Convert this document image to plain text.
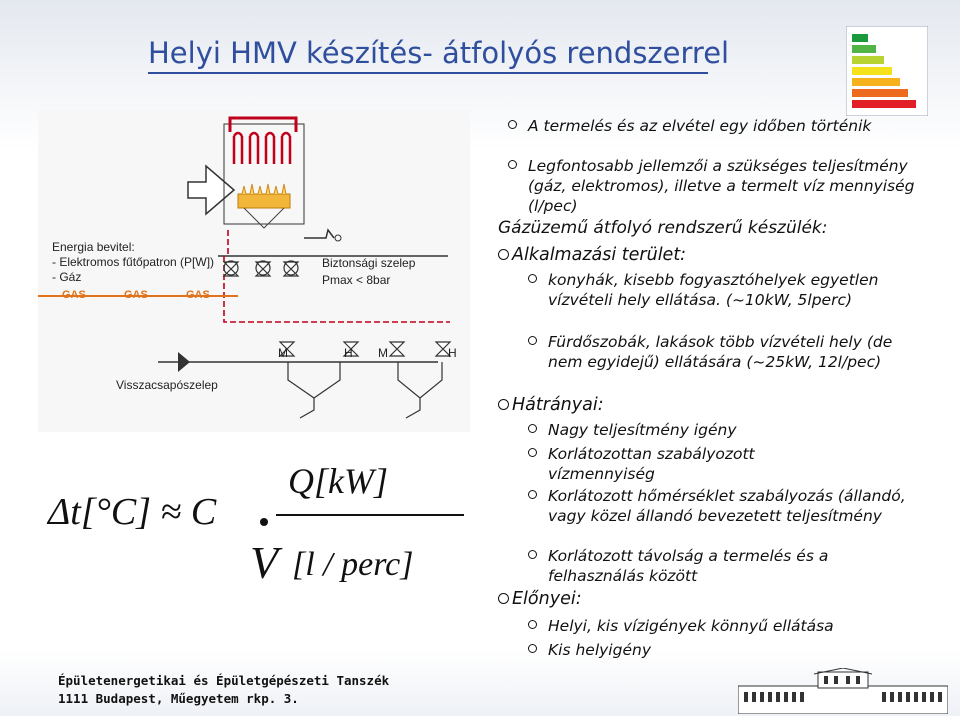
Helyi HMV készítés- átfolyós rendszerrel
Energia bevitel:
- Elektromos fűtőpatron (P[W])
- Gáz
GAS	GAS	GAS
Biztonsági szelep
Pmax < 8bar
Visszacsapószelep
M	H M	H
Δt[°C] ≈ C
Q[kW]
V [l / perc]
A termelés és az elvétel egy időben történik
Legfontosabb jellemzői a szükséges teljesítmény (gáz, elektromos), illetve a termelt víz mennyiség (l/pec)
Gázüzemű átfolyó rendszerű készülék:
Alkalmazási terület:
konyhák, kisebb fogyasztóhelyek egyetlen vízvételi hely ellátása. (~10kW, 5lperc)
Fürdőszobák, lakások több vízvételi hely (de nem egyidejű) ellátására (~25kW, 12l/pec)
Hátrányai:
Nagy teljesítmény igény
Korlátozottan szabályozott vízmennyiség
Korlátozott hőmérséklet szabályozás (állandó, vagy közel állandó bevezetett teljesítmény
Korlátozott távolság a termelés és a felhasználás között
Előnyei:
Helyi, kis vízigények könnyű ellátása
Kis helyigény
Épületenergetikai és Épületgépészeti Tanszék
1111 Budapest, Műegyetem rkp. 3.
